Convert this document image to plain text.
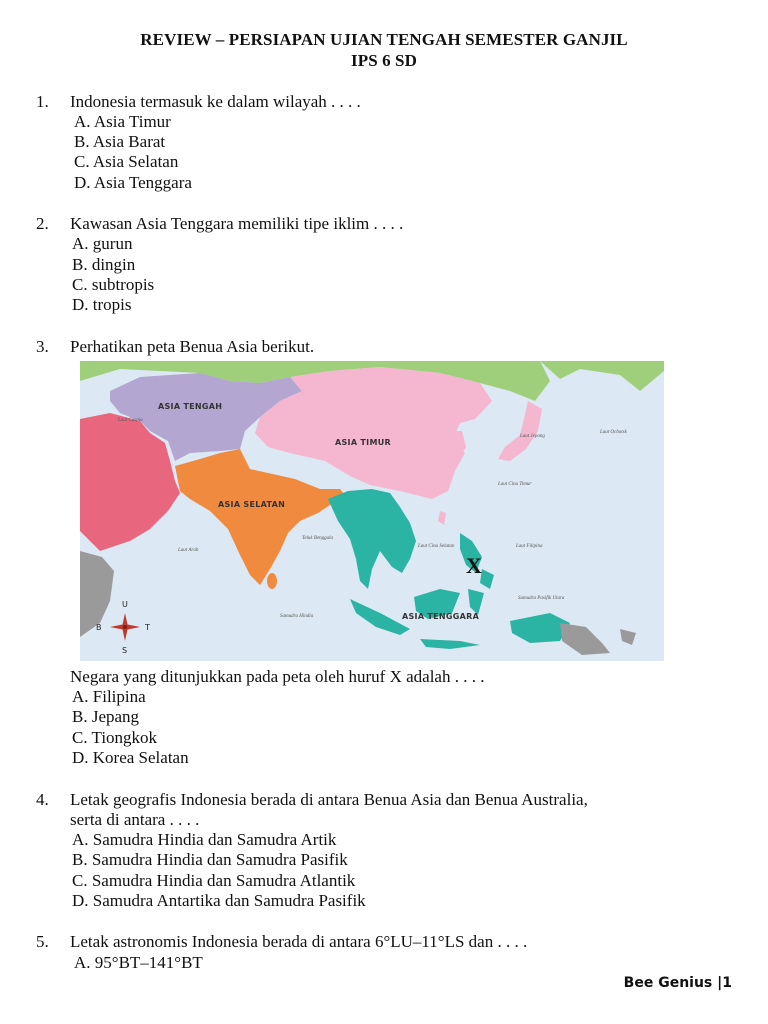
REVIEW – PERSIAPAN UJIAN TENGAH SEMESTER GANJIL
IPS 6 SD
1. Indonesia termasuk ke dalam wilayah . . . .
A. Asia Timur
B. Asia Barat
C. Asia Selatan
D. Asia Tenggara
2. Kawasan Asia Tenggara memiliki tipe iklim . . . .
A. gurun
B. dingin
C. subtropis
D. tropis
3. Perhatikan peta Benua Asia berikut.
ASIA TENGAH
ASIA TIMUR
ASIA SELATAN
ASIA TENGGARA
X
Laut Jepang
Laut Cina Timur
Laut Filipina
Laut Arab
Teluk Benggala
Laut Cina Selatan
Samudra Hindia
Samudra Pasifik Utara
Laut Caspia
Laut Ochotsk
U
S
B	T
Negara yang ditunjukkan pada peta oleh huruf X adalah . . . .
A. Filipina
B. Jepang
C. Tiongkok
D. Korea Selatan
4. Letak geografis Indonesia berada di antara Benua Asia dan Benua Australia,
serta di antara . . . .
A. Samudra Hindia dan Samudra Artik
B. Samudra Hindia dan Samudra Pasifik
C. Samudra Hindia dan Samudra Atlantik
D. Samudra Antartika dan Samudra Pasifik
5. Letak astronomis Indonesia berada di antara 6°LU–11°LS dan . . . .
A. 95°BT–141°BT
Bee Genius |1
